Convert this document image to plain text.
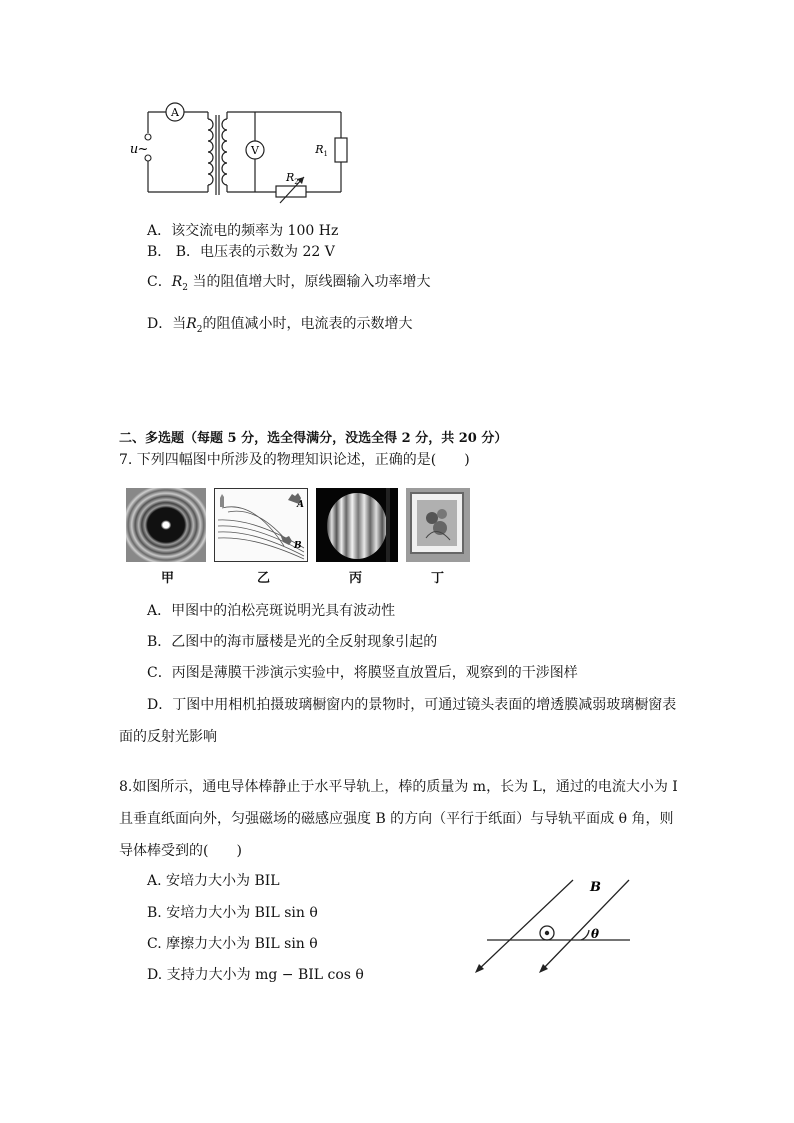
u ~
A
V	$R_1$
$R_2$
A．该交流电的频率为 100 Hz
B． B．电压表的示数为 22 V
C．$R_2$ 当的阻值增大时，原线圈输入功率增大
D．当$R_2$的阻值减小时，电流表的示数增大
二、多选题（每题 5 分，选全得满分，没选全得 2 分，共 20 分）
7. 下列四幅图中所涉及的物理知识论述，正确的是(　　)
A
B
甲	乙	丙	丁
A．甲图中的泊松亮斑说明光具有波动性
B．乙图中的海市蜃楼是光的全反射现象引起的
C．丙图是薄膜干涉演示实验中，将膜竖直放置后，观察到的干涉图样
D．丁图中用相机拍摄玻璃橱窗内的景物时，可通过镜头表面的增透膜减弱玻璃橱窗表
面的反射光影响
8.如图所示，通电导体棒静止于水平导轨上，棒的质量为 m，长为 L，通过的电流大小为 I
且垂直纸面向外，匀强磁场的磁感应强度 B 的方向（平行于纸面）与导轨平面成 θ 角，则
导体棒受到的(　　)
A. 安培力大小为 BIL
B. 安培力大小为 BIL sin θ
C. 摩擦力大小为 BIL sin θ
D. 支持力大小为 mg − BIL cos θ
B
θ
